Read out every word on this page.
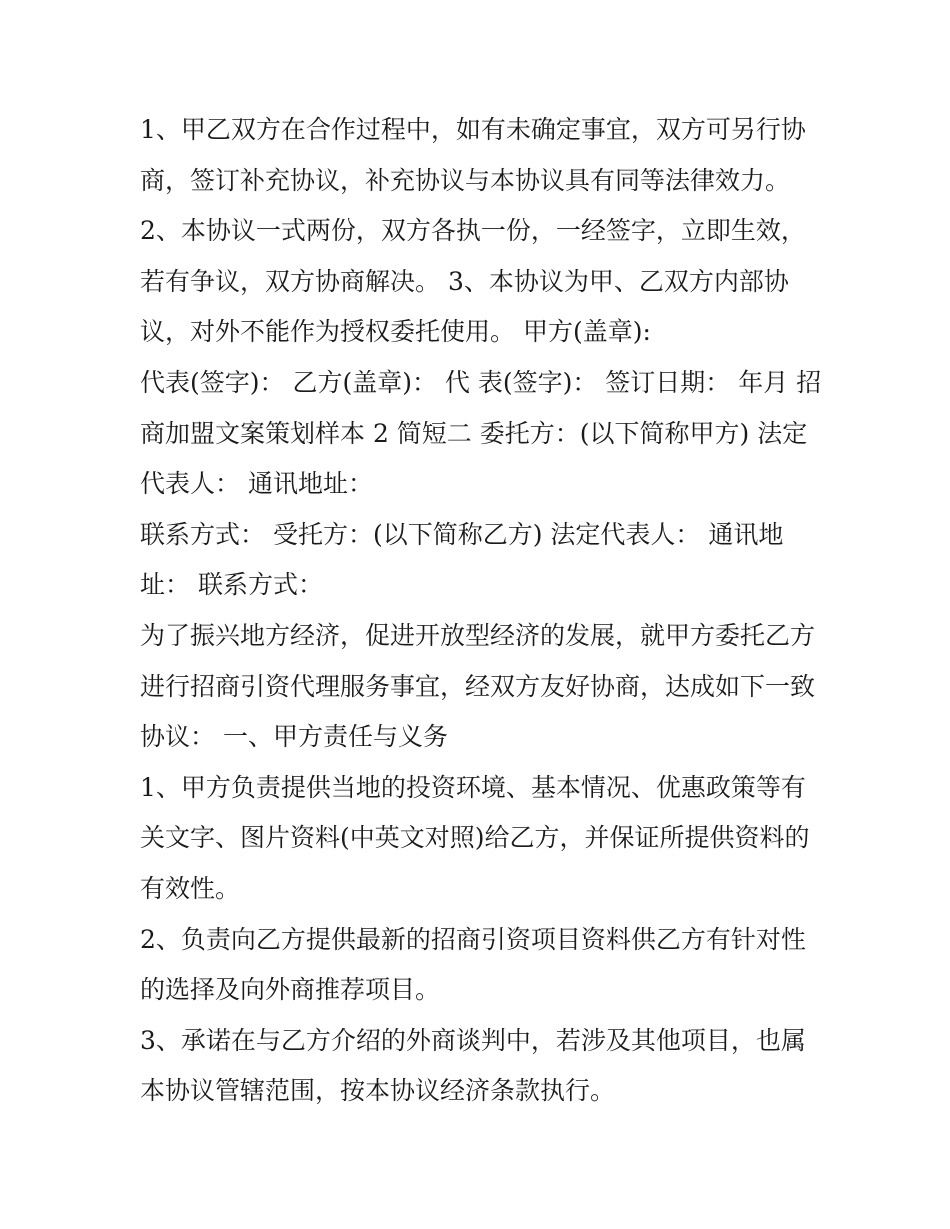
1、甲乙双方在合作过程中，如有未确定事宜，双方可另行协
商，签订补充协议，补充协议与本协议具有同等法律效力。
2、本协议一式两份，双方各执一份，一经签字，立即生效，
若有争议，双方协商解决。 3、本协议为甲、乙双方内部协
议，对外不能作为授权委托使用。 甲方(盖章):
代表(签字)： 乙方(盖章)： 代 表(签字)： 签订日期： 年月 招
商加盟文案策划样本 2 简短二 委托方：(以下简称甲方) 法定
代表人： 通讯地址：
联系方式： 受托方：(以下简称乙方) 法定代表人： 通讯地
址： 联系方式：
为了振兴地方经济，促进开放型经济的发展，就甲方委托乙方
进行招商引资代理服务事宜，经双方友好协商，达成如下一致
协议： 一、甲方责任与义务
1、甲方负责提供当地的投资环境、基本情况、优惠政策等有
关文字、图片资料(中英文对照)给乙方，并保证所提供资料的
有效性。
2、负责向乙方提供最新的招商引资项目资料供乙方有针对性
的选择及向外商推荐项目。
3、承诺在与乙方介绍的外商谈判中，若涉及其他项目，也属
本协议管辖范围，按本协议经济条款执行。
